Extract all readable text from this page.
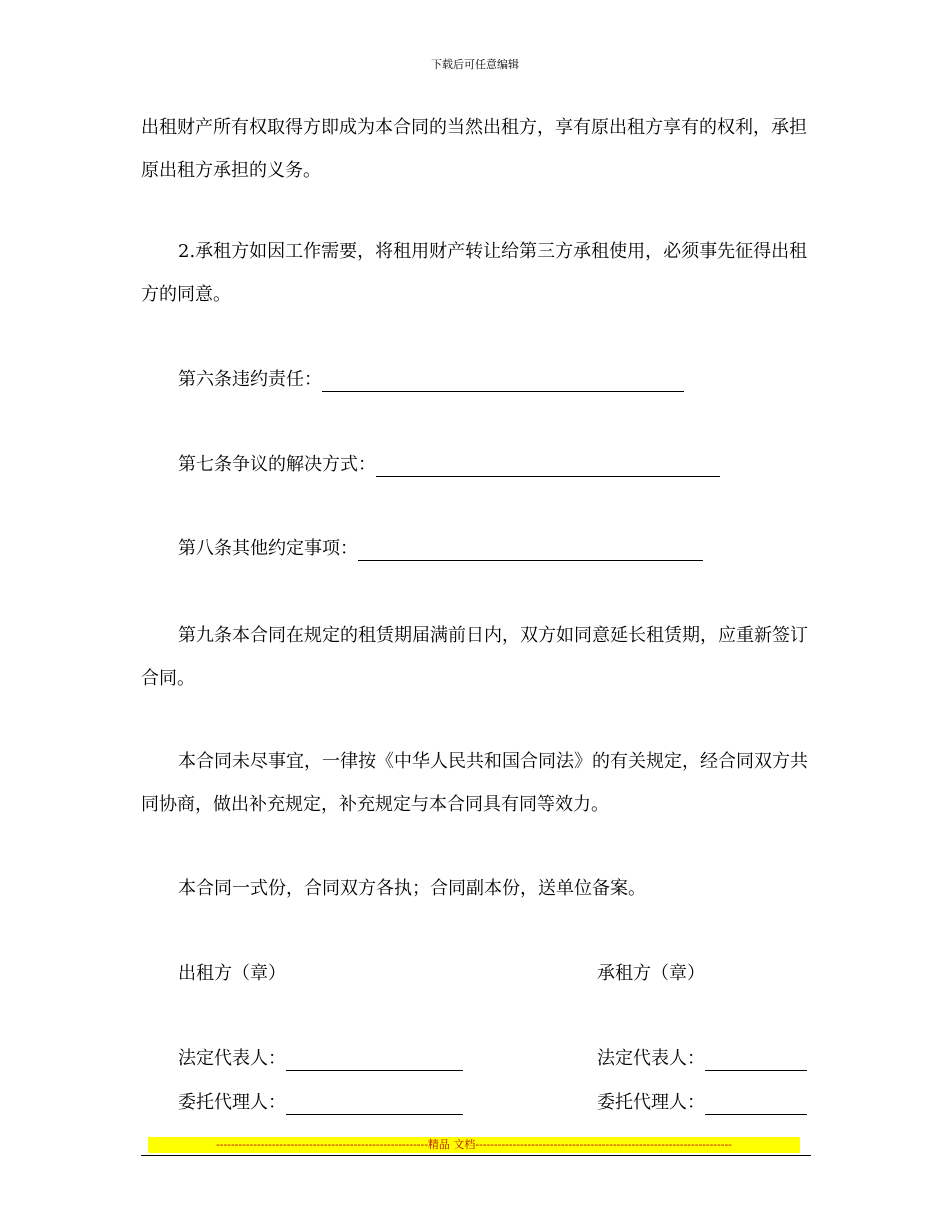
下载后可任意编辑

出租财产所有权取得方即成为本合同的当然出租方，享有原出租方享有的权利，承担原出租方承担的义务。

2.承租方如因工作需要，将租用财产转让给第三方承租使用，必须事先征得出租方的同意。

第六条违约责任：
第七条争议的解决方式：
第八条其他约定事项：

第九条本合同在规定的租赁期届满前日内，双方如同意延长租赁期，应重新签订合同。

本合同未尽事宜，一律按《中华人民共和国合同法》的有关规定，经合同双方共同协商，做出补充规定，补充规定与本合同具有同等效力。

本合同一式份，合同双方各执；合同副本份，送单位备案。

出租方（章）	承租方（章）
法定代表人：	法定代表人：
委托代理人：	委托代理人：
---------------------------------------------------------精品 文档---------------------------------------------------------------------
